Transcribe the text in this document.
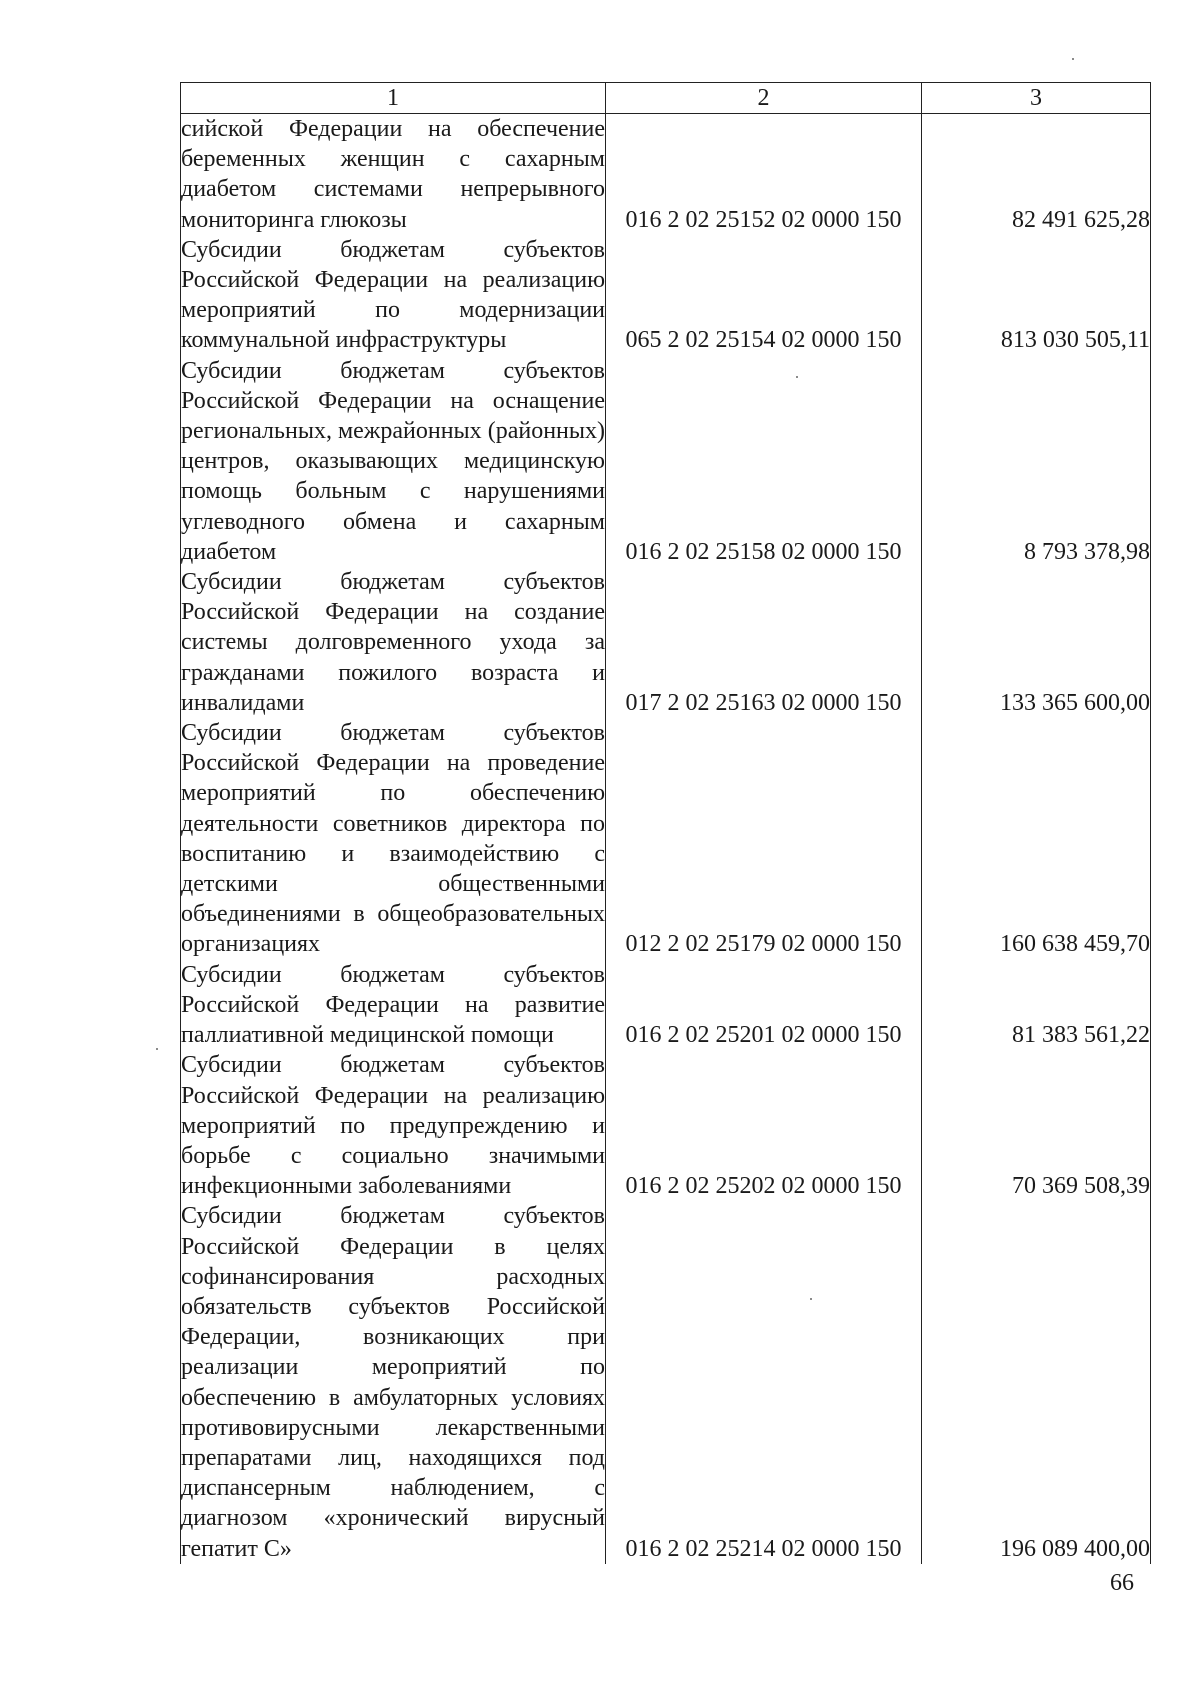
1	2	3
сийской Федерации на обеспечение беременных женщин с сахарным диабетом системами непрерывного мониторинга глюкозы	016 2 02 25152 02 0000 150	82 491 625,28
Субсидии бюджетам субъектов Российской Федерации на реализацию мероприятий по модернизации коммунальной инфраструктуры	065 2 02 25154 02 0000 150	813 030 505,11
Субсидии бюджетам субъектов Российской Федерации на оснащение региональных, межрайонных (районных) центров, оказывающих медицинскую помощь больным с нарушениями углеводного обмена и сахарным диабетом	016 2 02 25158 02 0000 150	8 793 378,98
Субсидии бюджетам субъектов Российской Федерации на создание системы долговременного ухода за гражданами пожилого возраста и инвалидами	017 2 02 25163 02 0000 150	133 365 600,00
Субсидии бюджетам субъектов Российской Федерации на проведение мероприятий по обеспечению деятельности советников директора по воспитанию и взаимодействию с детскими общественными объединениями в общеобразовательных организациях	012 2 02 25179 02 0000 150	160 638 459,70
Субсидии бюджетам субъектов Российской Федерации на развитие паллиативной медицинской помощи	016 2 02 25201 02 0000 150	81 383 561,22
Субсидии бюджетам субъектов Российской Федерации на реализацию мероприятий по предупреждению и борьбе с социально значимыми инфекционными заболеваниями	016 2 02 25202 02 0000 150	70 369 508,39
Субсидии бюджетам субъектов Российской Федерации в целях софинансирования расходных обязательств субъектов Российской Федерации, возникающих при реализации мероприятий по обеспечению в амбулаторных условиях противовирусными лекарственными препаратами лиц, находящихся под диспансерным наблюдением, с диагнозом «хронический вирусный гепатит С»	016 2 02 25214 02 0000 150	196 089 400,00
66
